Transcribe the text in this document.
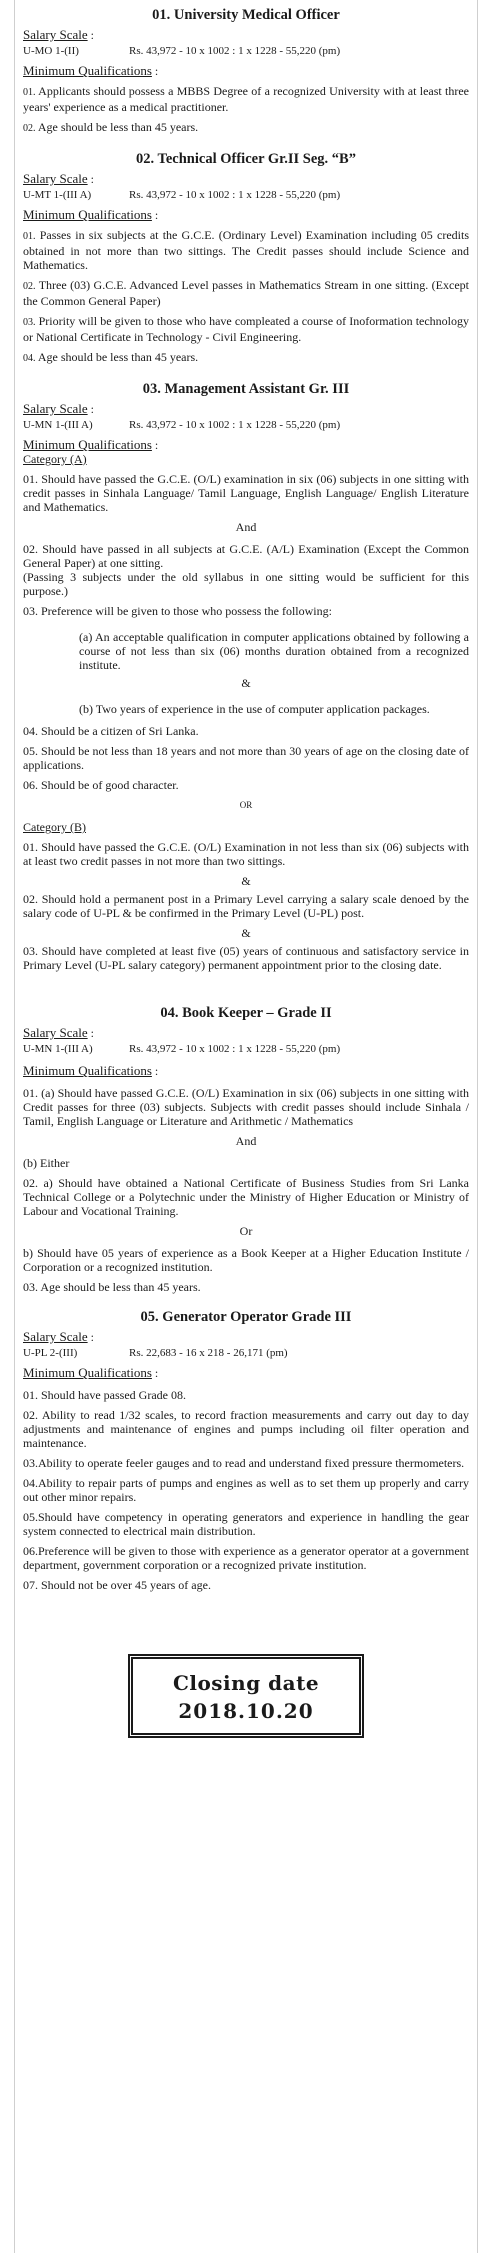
01. University Medical Officer
Salary Scale :
U-MO 1-(II)	Rs. 43,972 - 10 x 1002 : 1 x 1228 - 55,220 (pm)
Minimum Qualifications :

01. Applicants should possess a MBBS Degree of a recognized University with at least three years' experience as a medical practitioner.

02. Age should be less than 45 years.

02. Technical Officer Gr.II Seg. “B”
Salary Scale :
U-MT 1-(III A)	Rs. 43,972 - 10 x 1002 : 1 x 1228 - 55,220 (pm)
Minimum Qualifications :

01. Passes in six subjects at the G.C.E. (Ordinary Level) Examination including 05 credits obtained in not more than two sittings. The Credit passes should include Science and Mathematics.

02. Three (03) G.C.E. Advanced Level passes in Mathematics Stream in one sitting. (Except the Common General Paper)

03. Priority will be given to those who have compleated a course of Inoformation technology or National Certificate in Technology - Civil Engineering.

04. Age should be less than 45 years.

03. Management Assistant Gr. III
Salary Scale :
U-MN 1-(III A)	Rs. 43,972 - 10 x 1002 : 1 x 1228 - 55,220 (pm)
Minimum Qualifications :
Category (A)

01. Should have passed the G.C.E. (O/L) examination in six (06) subjects in one sitting with credit passes in Sinhala Language/ Tamil Language, English Language/ English Literature and Mathematics.

And

02. Should have passed in all subjects at G.C.E. (A/L) Examination (Except the Common General Paper) at one sitting.

(Passing 3 subjects under the old syllabus in one sitting would be sufficient for this purpose.)

03. Preference will be given to those who possess the following:

(a) An acceptable qualification in computer applications obtained by following a course of not less than six (06) months duration obtained from a recognized institute.

&

(b) Two years of experience in the use of computer application packages.

04. Should be a citizen of Sri Lanka.

05. Should be not less than 18 years and not more than 30 years of age on the closing date of applications.

06. Should be of good character.

OR
Category (B)

01. Should have passed the G.C.E. (O/L) Examination in not less than six (06) subjects with at least two credit passes in not more than two sittings.

&

02. Should hold a permanent post in a Primary Level carrying a salary scale denoed by the salary code of U-PL & be confirmed in the Primary Level (U-PL) post.

&

03. Should have completed at least five (05) years of continuous and satisfactory service in Primary Level (U-PL salary category) permanent appointment prior to the closing date.

04. Book Keeper – Grade II
Salary Scale :
U-MN 1-(III A)	Rs. 43,972 - 10 x 1002 : 1 x 1228 - 55,220 (pm)
Minimum Qualifications :

01. (a) Should have passed G.C.E. (O/L) Examination in six (06) subjects in one sitting with Credit passes for three (03) subjects. Subjects with credit passes should include Sinhala / Tamil, English Language or Literature and Arithmetic / Mathematics

And

(b) Either

02. a) Should have obtained a National Certificate of Business Studies from Sri Lanka Technical College or a Polytechnic under the Ministry of Higher Education or Ministry of Labour and Vocational Training.

Or

b) Should have 05 years of experience as a Book Keeper at a Higher Education Institute / Corporation or a recognized institution.

03. Age should be less than 45 years.

05. Generator Operator Grade III
Salary Scale :
U-PL 2-(III)	Rs. 22,683 - 16 x 218 - 26,171 (pm)
Minimum Qualifications :

01. Should have passed Grade 08.

02. Ability to read 1/32 scales, to record fraction measurements and carry out day to day adjustments and maintenance of engines and pumps including oil filter operation and maintenance.

03.Ability to operate feeler gauges and to read and understand fixed pressure thermometers.

04.Ability to repair parts of pumps and engines as well as to set them up properly and carry out other minor repairs.

05.Should have competency in operating generators and experience in handling the gear system connected to electrical main distribution.

06.Preference will be given to those with experience as a generator operator at a government department, government corporation or a recognized private institution.

07. Should not be over 45 years of age.

Closing date
2018.10.20
